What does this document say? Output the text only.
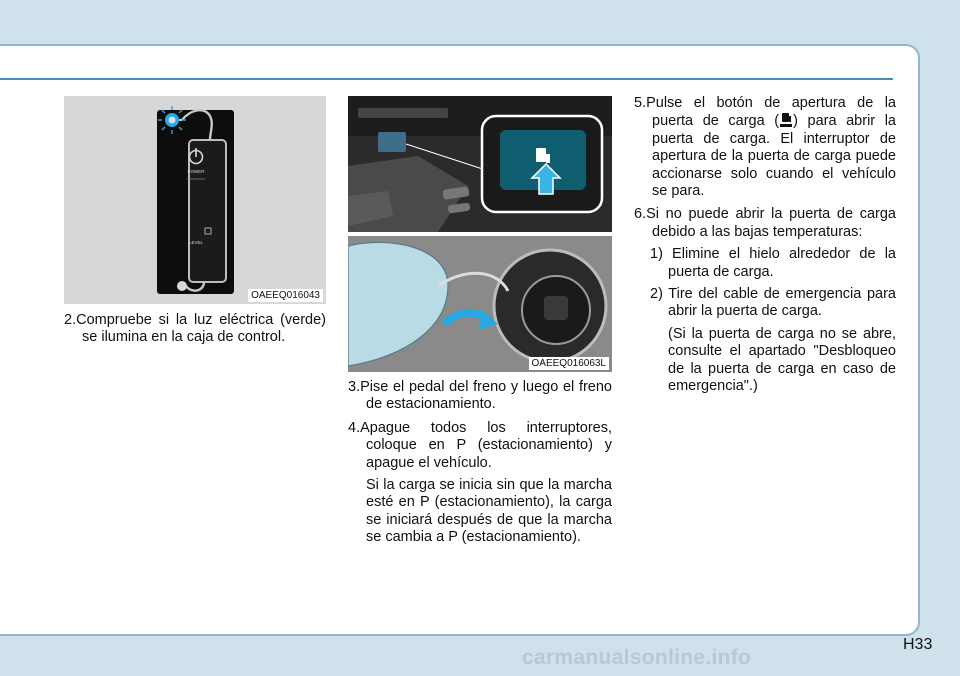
POWER
LEVEL
OAEEQ016043
OAEEQ016063L

2.Compruebe si la luz eléctrica (verde) se ilumina en la caja de control.

3.Pise el pedal del freno y luego el freno de estacionamiento.

4.Apague todos los interruptores, coloque en P (estacionamiento) y apague el vehículo.

Si la carga se inicia sin que la marcha esté en P (estacionamiento), la carga se iniciará después de que la marcha se cambia a P (estacionamiento).

5.Pulse el botón de apertura de la puerta de carga ( ) para abrir la puerta de carga. El interruptor de apertura de la puerta de carga puede accionarse solo cuando el vehículo se para.

6.Si no puede abrir la puerta de carga debido a las bajas temperaturas:

1) Elimine el hielo alrededor de la puerta de carga.

2) Tire del cable de emergencia para abrir la puerta de carga.

(Si la puerta de carga no se abre, consulte el apartado "Desbloqueo de la puerta de carga en caso de emergencia".)

H33
carmanualsonline.info
